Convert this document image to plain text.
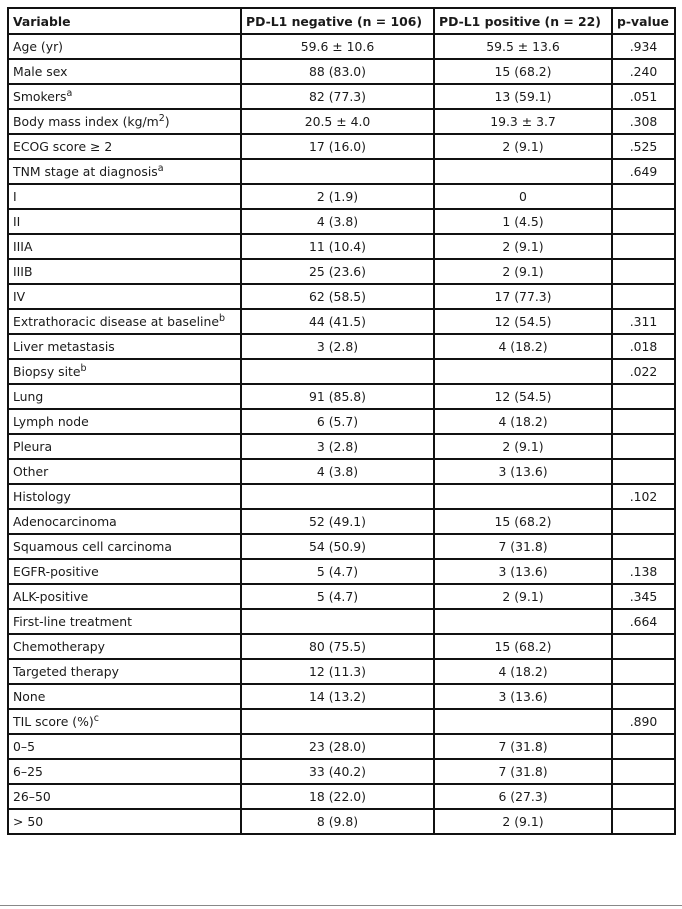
Variable	PD-L1 negative (n = 106)	PD-L1 positive (n = 22)	p-value
Age (yr)	59.6 ± 10.6	59.5 ± 13.6	.934
Male sex	88 (83.0)	15 (68.2)	.240
Smokers$^a$	82 (77.3)	13 (59.1)	.051
Body mass index $(kg/m^2)$	20.5 ± 4.0	19.3 ± 3.7	.308
ECOG score ≥ 2	17 (16.0)	2 (9.1)	.525
TNM stage at diagnosis$^a$			.649
I	2 (1.9)	0	
II	4 (3.8)	1 (4.5)	
IIIA	11 (10.4)	2 (9.1)	
IIIB	25 (23.6)	2 (9.1)	
IV	62 (58.5)	17 (77.3)	
Extrathoracic disease at baseline$^b$	44 (41.5)	12 (54.5)	.311
Liver metastasis	3 (2.8)	4 (18.2)	.018
Biopsy site$^b$			.022
Lung	91 (85.8)	12 (54.5)	
Lymph node	6 (5.7)	4 (18.2)	
Pleura	3 (2.8)	2 (9.1)	
Other	4 (3.8)	3 (13.6)	
Histology			.102
Adenocarcinoma	52 (49.1)	15 (68.2)	
Squamous cell carcinoma	54 (50.9)	7 (31.8)	
EGFR-positive	5 (4.7)	3 (13.6)	.138
ALK-positive	5 (4.7)	2 (9.1)	.345
First-line treatment			.664
Chemotherapy	80 (75.5)	15 (68.2)	
Targeted therapy	12 (11.3)	4 (18.2)	
None	14 (13.2)	3 (13.6)	
TIL score (%)$^c$			.890
0–5	23 (28.0)	7 (31.8)	
6–25	33 (40.2)	7 (31.8)	
26–50	18 (22.0)	6 (27.3)	
> 50	8 (9.8)	2 (9.1)	
